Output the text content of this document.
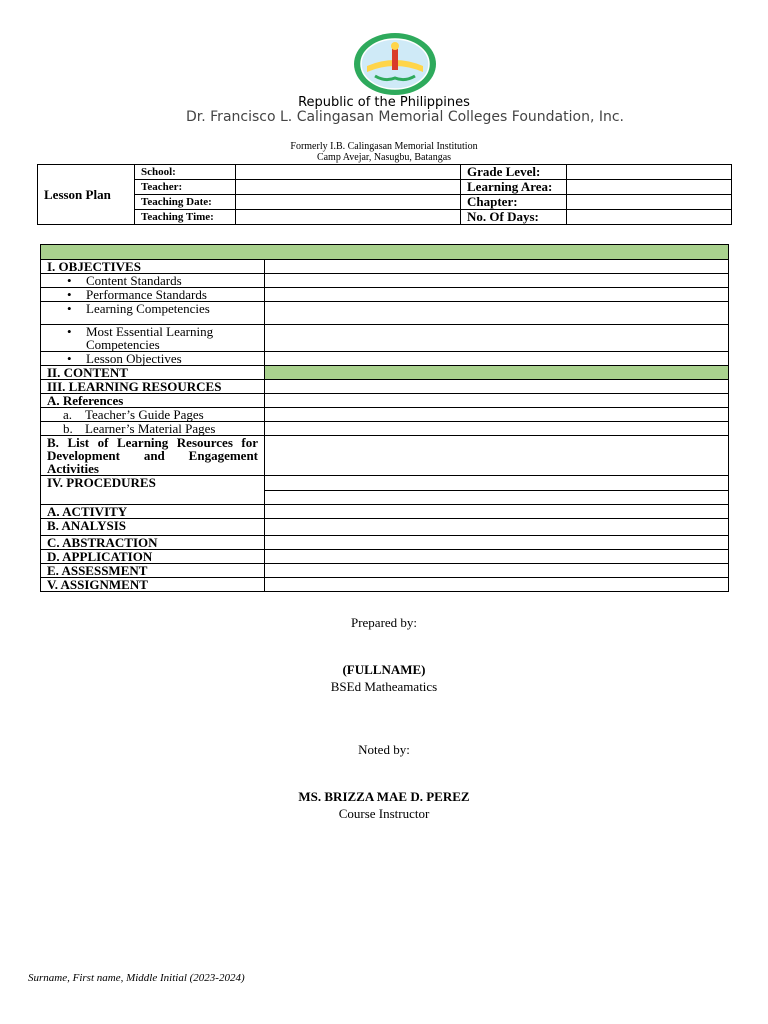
Republic of the Philippines
Dr. Francisco L. Calingasan Memorial Colleges Foundation, Inc.
Formerly I.B. Calingasan Memorial Institution
Camp Avejar, Nasugbu, Batangas
Lesson Plan	School:		Grade Level:	
	Teacher:		Learning Area:	
	Teaching Date:		Chapter:	
	Teaching Time:		No. Of Days:	

I. OBJECTIVES	

• Content Standards

• Performance Standards

• Learning Competencies

• Most Essential Learning Competencies

• Lesson Objectives

II. CONTENT	
III. LEARNING RESOURCES	
A. References	
a. Teacher’s Guide Pages	
b. Learner’s Material Pages	
B. List of Learning Resources for Development and Engagement Activities	
IV. PROCEDURES	

A. ACTIVITY	
B. ANALYSIS	
C. ABSTRACTION	
D. APPLICATION	
E. ASSESSMENT	
V. ASSIGNMENT	
Prepared by:
(FULLNAME)
BSEd Matheamatics
Noted by:
MS. BRIZZA MAE D. PEREZ
Course Instructor
Surname, First name, Middle Initial (2023-2024)
